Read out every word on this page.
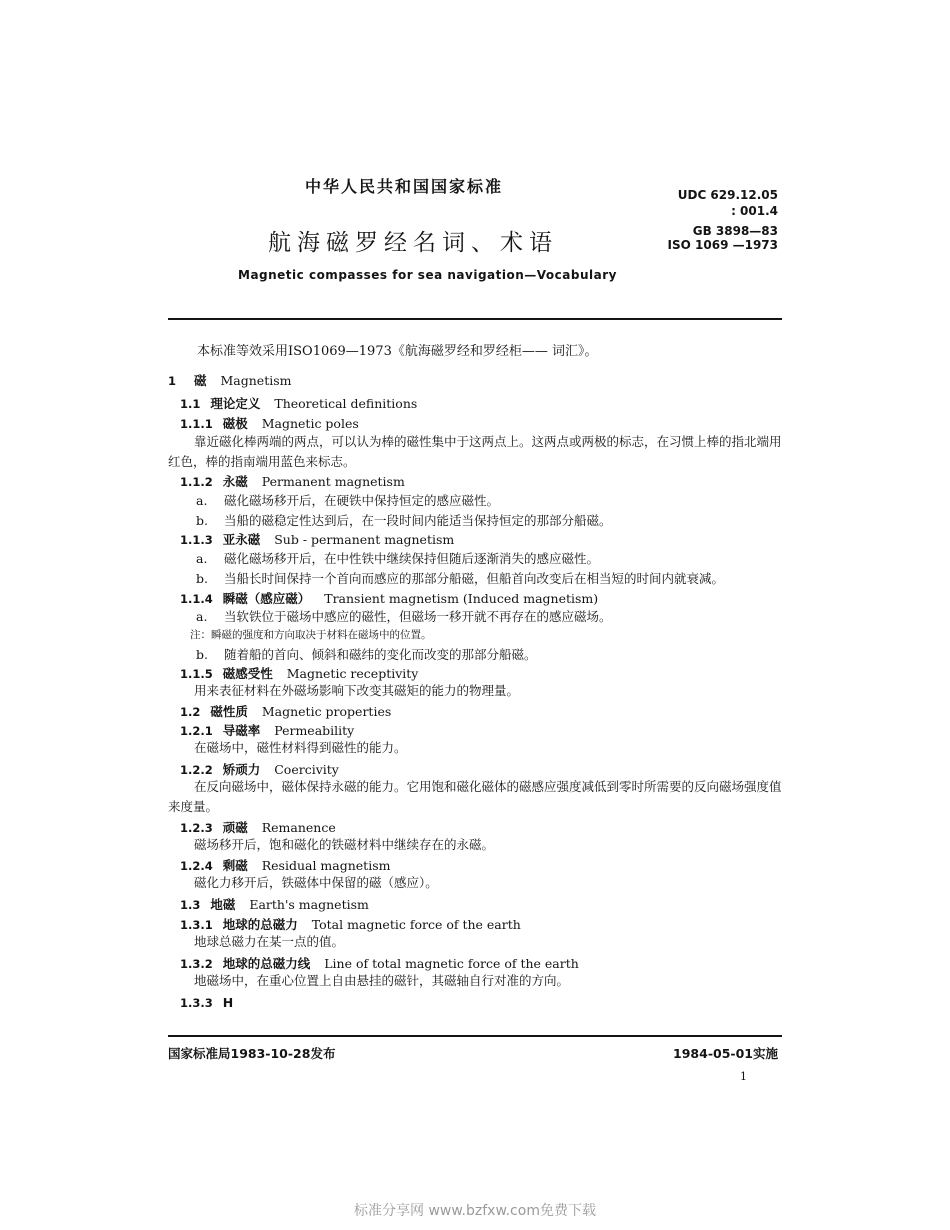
中华人民共和国国家标准	UDC 629.12.05
: 001.4
航海磁罗经名词、术语	GB 3898—83
ISO 1069 —1973
Magnetic compasses for sea navigation—Vocabulary
本标准等效采用ISO1069—1973《航海磁罗经和罗经柜—— 词汇》。
1 磁 Magnetism
1.1 理论定义 Theoretical definitions
1.1.1 磁极 Magnetic poles
靠近磁化棒两端的两点，可以认为棒的磁性集中于这两点上。这两点或两极的标志，在习惯上棒的指北端用红色，棒的指南端用蓝色来标志。
1.1.2 永磁 Permanent magnetism
a. 磁化磁场移开后，在硬铁中保持恒定的感应磁性。
b. 当船的磁稳定性达到后，在一段时间内能适当保持恒定的那部分船磁。
1.1.3 亚永磁 Sub - permanent magnetism
a. 磁化磁场移开后，在中性铁中继续保持但随后逐渐消失的感应磁性。
b. 当船长时间保持一个首向而感应的那部分船磁，但船首向改变后在相当短的时间内就衰减。
1.1.4 瞬磁（感应磁） Transient magnetism (Induced magnetism)
a. 当软铁位于磁场中感应的磁性，但磁场一移开就不再存在的感应磁场。
注：瞬磁的强度和方向取决于材料在磁场中的位置。
b. 随着船的首向、倾斜和磁纬的变化而改变的那部分船磁。
1.1.5 磁感受性 Magnetic receptivity
用来表征材料在外磁场影响下改变其磁矩的能力的物理量。
1.2 磁性质 Magnetic properties
1.2.1 导磁率 Permeability
在磁场中，磁性材料得到磁性的能力。
1.2.2 矫顽力 Coercivity
在反向磁场中，磁体保持永磁的能力。它用饱和磁化磁体的磁感应强度减低到零时所需要的反向磁场强度值来度量。
1.2.3 顽磁 Remanence
磁场移开后，饱和磁化的铁磁材料中继续存在的永磁。
1.2.4 剩磁 Residual magnetism
磁化力移开后，铁磁体中保留的磁（感应）。
1.3 地磁 Earth's magnetism
1.3.1 地球的总磁力 Total magnetic force of the earth
地球总磁力在某一点的值。
1.3.2 地球的总磁力线 Line of total magnetic force of the earth
地磁场中，在重心位置上自由悬挂的磁针，其磁轴自行对准的方向。
1.3.3 H
国家标准局1983-10-28发布	1984-05-01实施
1
标准分享网 www.bzfxw.com免费下载
